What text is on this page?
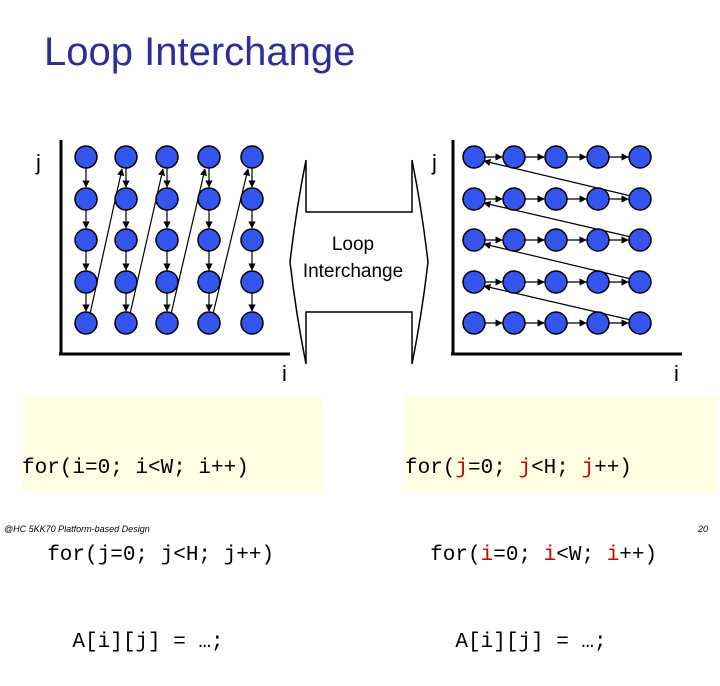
Loop
Interchange
j
i
j
i
Loop Interchange

for(i=0; i<W; i++)

for(j=0; j<H; j++)

A[i][j] = …;

for(j=0; j<H; j++)

for(i=0; i<W; i++)

A[i][j] = …;

@HC 5KK70 Platform-based Design	20
